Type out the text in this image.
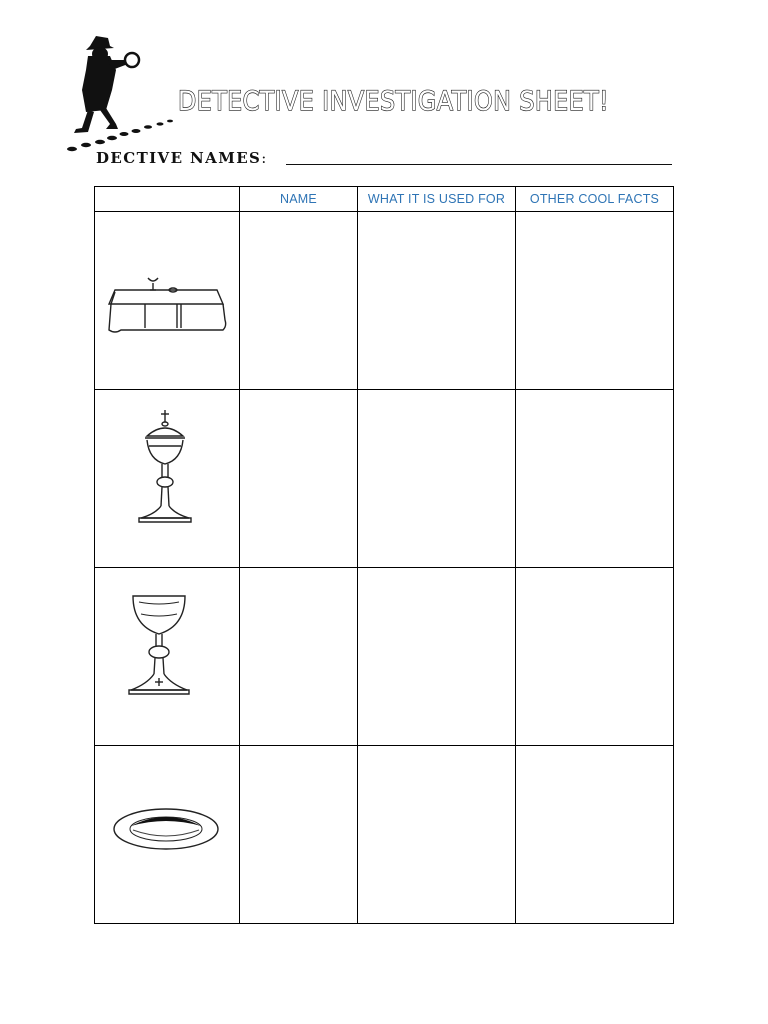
DETECTIVE INVESTIGATION SHEET!
DECTIVE NAMES:
	NAME	WHAT IT IS USED FOR	OTHER COOL FACTS
